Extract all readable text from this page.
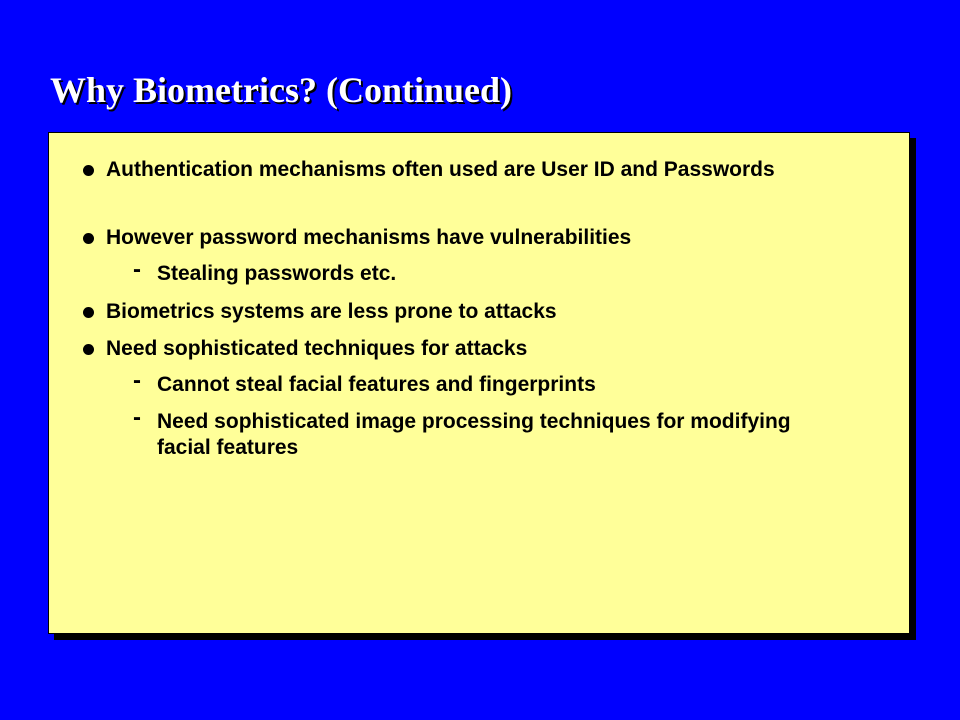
Why Biometrics? (Continued)
Authentication mechanisms often used are User ID and Passwords
However password mechanisms have vulnerabilities
- Stealing passwords etc.
Biometrics systems are less prone to attacks
Need sophisticated techniques for attacks
- Cannot steal facial features and fingerprints
- Need sophisticated image processing techniques for modifying facial features
